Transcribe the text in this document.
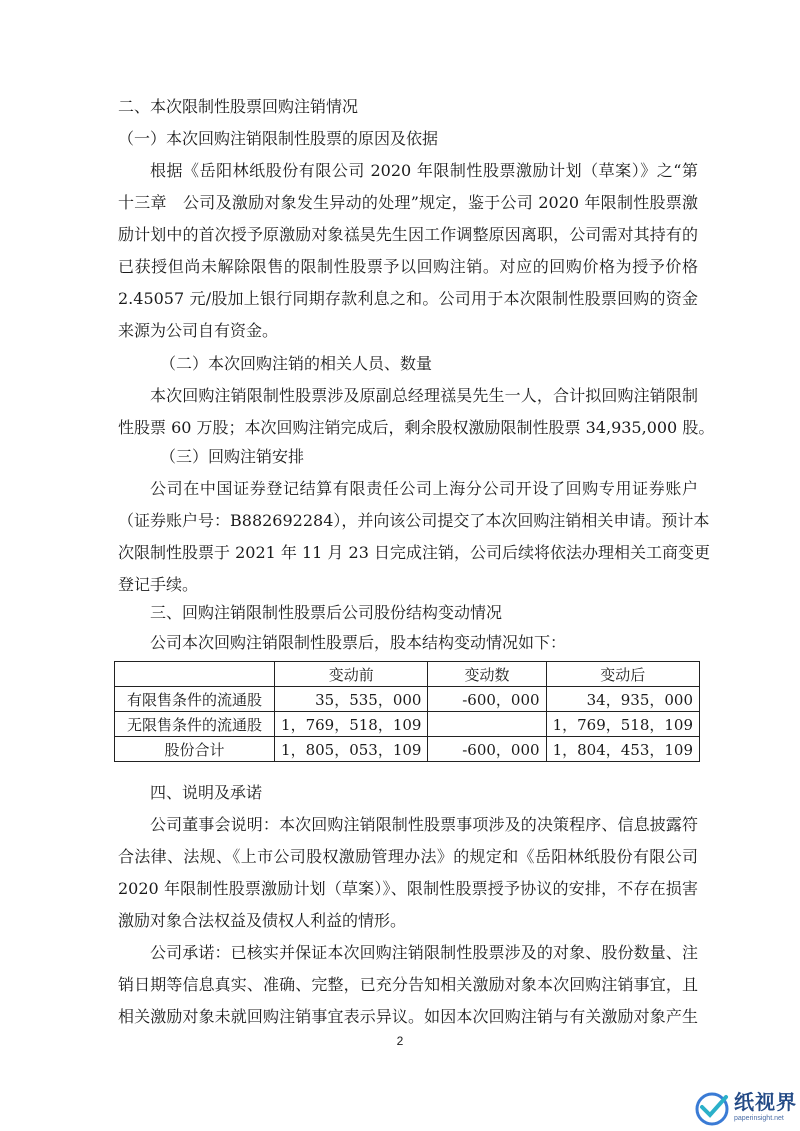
二、本次限制性股票回购注销情况
（一）本次回购注销限制性股票的原因及依据
根据《岳阳林纸股份有限公司 2020 年限制性股票激励计划（草案）》之“第
十三章　公司及激励对象发生异动的处理”规定，鉴于公司 2020 年限制性股票激
励计划中的首次授予原激励对象禚昊先生因工作调整原因离职，公司需对其持有的
已获授但尚未解除限售的限制性股票予以回购注销。对应的回购价格为授予价格
2.45057 元/股加上银行同期存款利息之和。公司用于本次限制性股票回购的资金
来源为公司自有资金。
（二）本次回购注销的相关人员、数量
本次回购注销限制性股票涉及原副总经理禚昊先生一人，合计拟回购注销限制
性股票 60 万股；本次回购注销完成后，剩余股权激励限制性股票 34,935,000 股。
（三）回购注销安排
公司在中国证券登记结算有限责任公司上海分公司开设了回购专用证券账户
（证券账户号：B882692284），并向该公司提交了本次回购注销相关申请。预计本
次限制性股票于 2021 年 11 月 23 日完成注销，公司后续将依法办理相关工商变更
登记手续。
三、回购注销限制性股票后公司股份结构变动情况
公司本次回购注销限制性股票后，股本结构变动情况如下：
	变动前	变动数	变动后
有限售条件的流通股	35，535，000	-600，000	34，935，000
无限售条件的流通股	1，769，518，109		1，769，518，109
股份合计	1，805，053，109	-600，000	1，804，453，109
四、说明及承诺
公司董事会说明：本次回购注销限制性股票事项涉及的决策程序、信息披露符
合法律、法规、《上市公司股权激励管理办法》的规定和《岳阳林纸股份有限公司
2020 年限制性股票激励计划（草案）》、限制性股票授予协议的安排，不存在损害
激励对象合法权益及债权人利益的情形。
公司承诺：已核实并保证本次回购注销限制性股票涉及的对象、股份数量、注
销日期等信息真实、准确、完整，已充分告知相关激励对象本次回购注销事宜，且
相关激励对象未就回购注销事宜表示异议。如因本次回购注销与有关激励对象产生
2
纸视界
paperinsight.net
